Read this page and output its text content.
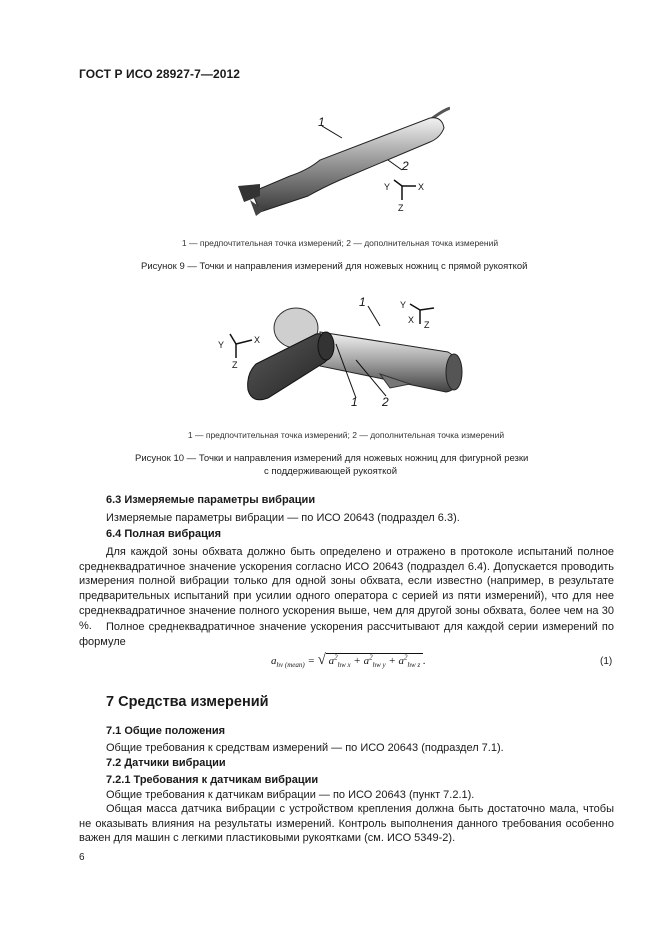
ГОСТ Р ИСО 28927-7—2012
1
2
X
Y
Z
1 — предпочтительная точка измерений; 2 — дополнительная точка измерений
Рисунок 9 — Точки и направления измерений для ножевых ножниц с прямой рукояткой
1
1 2
X
Y
Z
Y
X Z
1 — предпочтительная точка измерений; 2 — дополнительная точка измерений
Рисунок 10 — Точки и направления измерений для ножевых ножниц для фигурной резки
с поддерживающей рукояткой
6.3 Измеряемые параметры вибрации
Измеряемые параметры вибрации — по ИСО 20643 (подраздел 6.3).
6.4 Полная вибрация
Для каждой зоны обхвата должно быть определено и отражено в протоколе испытаний полное среднеквадратичное значение ускорения согласно ИСО 20643 (подраздел 6.4). Допускается проводить измерения полной вибрации только для одной зоны обхвата, если известно (например, в результате предварительных испытаний при усилии одного оператора с серией из пяти измерений), что для нее среднеквадратичное значение полного ускорения выше, чем для другой зоны обхвата, более чем на 30 %.	Полное среднеквадратичное значение ускорения рассчитывают для каждой серии измерений по формуле
$a_{hv (mean)}$ = √ $a^2_{hw x} + a^2_{hw y} + a^2_{hw z}$ .	(1)
7 Средства измерений
7.1 Общие положения
Общие требования к средствам измерений — по ИСО 20643 (подраздел 7.1).
7.2 Датчики вибрации
7.2.1 Требования к датчикам вибрации
Общие требования к датчикам вибрации — по ИСО 20643 (пункт 7.2.1).
Общая масса датчика вибрации с устройством крепления должна быть достаточно мала, чтобы не оказывать влияния на результаты измерений. Контроль выполнения данного требования особенно важен для машин с легкими пластиковыми рукоятками (см. ИСО 5349-2).
6
